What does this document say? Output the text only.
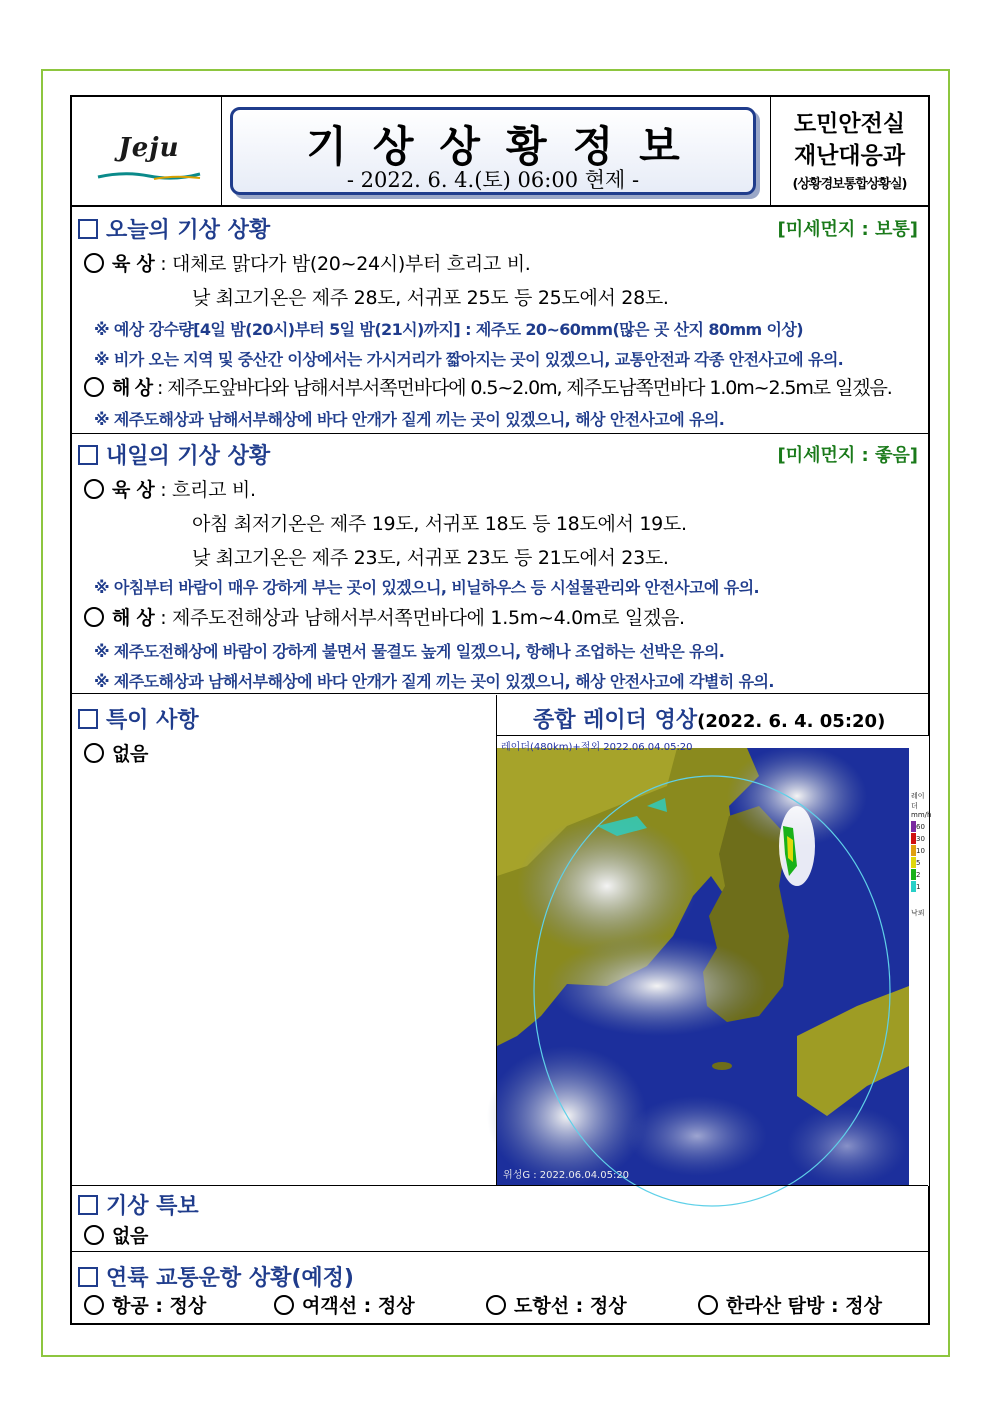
Jeju	기상상황정보
- 2022. 6. 4.(토) 06:00 현제 -
도민안전실
재난대응과
(상황경보통합상황실)
오늘의 기상 상황	[미세먼지 : 보통]
육 상 : 대체로 맑다가 밤(20~24시)부터 흐리고 비.
낮 최고기온은 제주 28도, 서귀포 25도 등 25도에서 28도.
※ 예상 강수량[4일 밤(20시)부터 5일 밤(21시)까지] : 제주도 20~60mm(많은 곳 산지 80mm 이상)
※ 비가 오는 지역 및 중산간 이상에서는 가시거리가 짧아지는 곳이 있겠으니, 교통안전과 각종 안전사고에 유의.
해 상 : 제주도앞바다와 남해서부서쪽먼바다에 0.5~2.0m, 제주도남쪽먼바다 1.0m~2.5m로 일겠음.
※ 제주도해상과 남해서부해상에 바다 안개가 짙게 끼는 곳이 있겠으니, 해상 안전사고에 유의.
내일의 기상 상황	[미세먼지 : 좋음]
육 상 : 흐리고 비.
아침 최저기온은 제주 19도, 서귀포 18도 등 18도에서 19도.
낮 최고기온은 제주 23도, 서귀포 23도 등 21도에서 23도.
※ 아침부터 바람이 매우 강하게 부는 곳이 있겠으니, 비닐하우스 등 시설물관리와 안전사고에 유의.
해 상 : 제주도전해상과 남해서부서쪽먼바다에 1.5m~4.0m로 일겠음.
※ 제주도전해상에 바람이 강하게 불면서 물결도 높게 일겠으니, 항해나 조업하는 선박은 유의.
※ 제주도해상과 남해서부해상에 바다 안개가 짙게 끼는 곳이 있겠으니, 해상 안전사고에 각별히 유의.
특이 사항
없음
종합 레이더 영상(2022. 6. 4. 05:20)
레이더(480km)+적외 2022.06.04.05:20
위성G : 2022.06.04.05:20
레이더
mm/h
60
30
10
5
2
1
낙뢰
기상 특보
없음
연륙 교통운항 상황(예정)
항공 : 정상	여객선 : 정상	도항선 : 정상	한라산 탐방 : 정상
